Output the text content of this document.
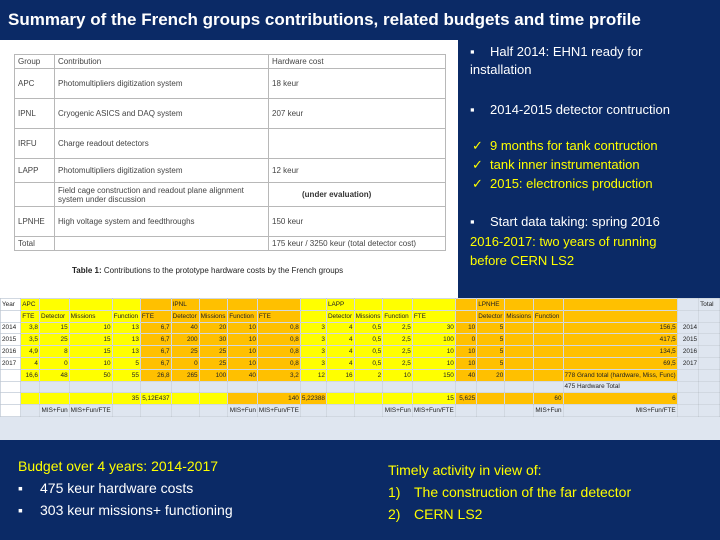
Summary of the French groups contributions, related budgets and time profile
Group	Contribution	Hardware cost
APC	Photomultipliers digitization system	18 keur
IPNL	Cryogenic ASICS and DAQ system	207 keur
IRFU	Charge readout detectors	
LAPP	Photomultipliers digitization system	12 keur
	Field cage construction and readout plane alignment system under discussion	(under evaluation)
LPNHE	High voltage system and feedthroughs	150 keur
Total		175 keur / 3250 keur (total detector cost)
Table 1: Contributions to the prototype hardware costs by the French groups
▪ Half 2014: EHN1 ready for
installation
▪ 2014-2015 detector contruction
✓ 9 months for tank contruction
✓ tank inner instrumentation
✓ 2015: electronics production
▪ Start data taking: spring 2016
2016-2017: two years of running
before CERN LS2
Year	APC					IPNL					LAPP					LPNHE					Total
	FTE	Detector	Missions	Function	FTE	Detector	Missions	Function	FTE		Detector	Missions	Function	FTE		Detector	Missions	Function			
2014	3,8	15	10	13	6,7	40	20	10	0,8	3	4	0,5	2,5	30	10	5			156,5	2014	
2015	3,5	25	15	13	6,7	200	30	10	0,8	3	4	0,5	2,5	100	0	5			417,5	2015	
2016	4,9	8	15	13	6,7	25	25	10	0,8	3	4	0,5	2,5	10	10	5			134,5	2016	
2017	4	0	10	5	6,7	0	25	10	0,8	3	4	0,5	2,5	10	10	5			69,5	2017	
	16,6	48	50	55	26,8	265	100	40	3,2	12	16	2	10	150	40	20			778 Grand total (hardware, Miss, Func)		
																			475 Hardware Total		
				35	5,12E437				140	5,22388				15	5,625			60	6		
		MIS+Fun	MIS+Fun/FTE					MIS+Fun	MIS+Fun/FTE				MIS+Fun	MIS+Fun/FTE				MIS+Fun	MIS+Fun/FTE		
Budget over 4 years: 2014-2017
▪ 475 keur hardware costs
▪ 303 keur missions+ functioning
Timely activity in view of:
1) The construction of the far detector
2) CERN LS2
